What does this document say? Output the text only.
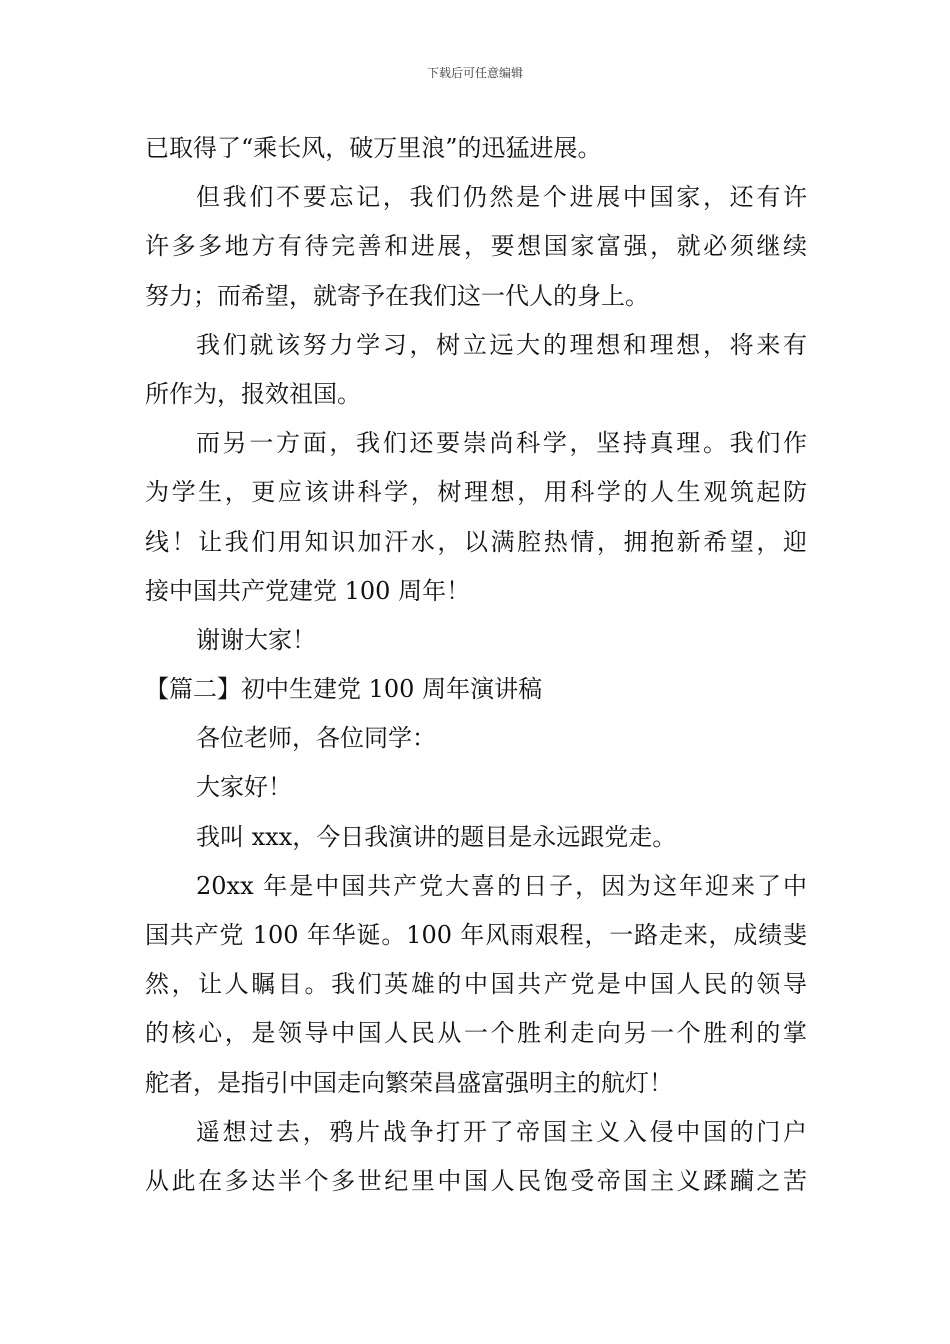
下载后可任意编辑
已取得了“乘长风，破万里浪”的迅猛进展。
但我们不要忘记，我们仍然是个进展中国家，还有许
许多多地方有待完善和进展，要想国家富强，就必须继续
努力；而希望，就寄予在我们这一代人的身上。
我们就该努力学习，树立远大的理想和理想，将来有
所作为，报效祖国。
而另一方面，我们还要崇尚科学，坚持真理。我们作
为学生，更应该讲科学，树理想，用科学的人生观筑起防
线！让我们用知识加汗水，以满腔热情，拥抱新希望，迎
接中国共产党建党 100 周年！
谢谢大家！
【篇二】初中生建党 100 周年演讲稿
各位老师，各位同学：
大家好！
我叫 xxx，今日我演讲的题目是永远跟党走。
20xx 年是中国共产党大喜的日子，因为这年迎来了中
国共产党 100 年华诞。100 年风雨艰程，一路走来，成绩斐
然，让人瞩目。我们英雄的中国共产党是中国人民的领导
的核心，是领导中国人民从一个胜利走向另一个胜利的掌
舵者，是指引中国走向繁荣昌盛富强明主的航灯！
遥想过去，鸦片战争打开了帝国主义入侵中国的门户
从此在多达半个多世纪里中国人民饱受帝国主义蹂躏之苦
